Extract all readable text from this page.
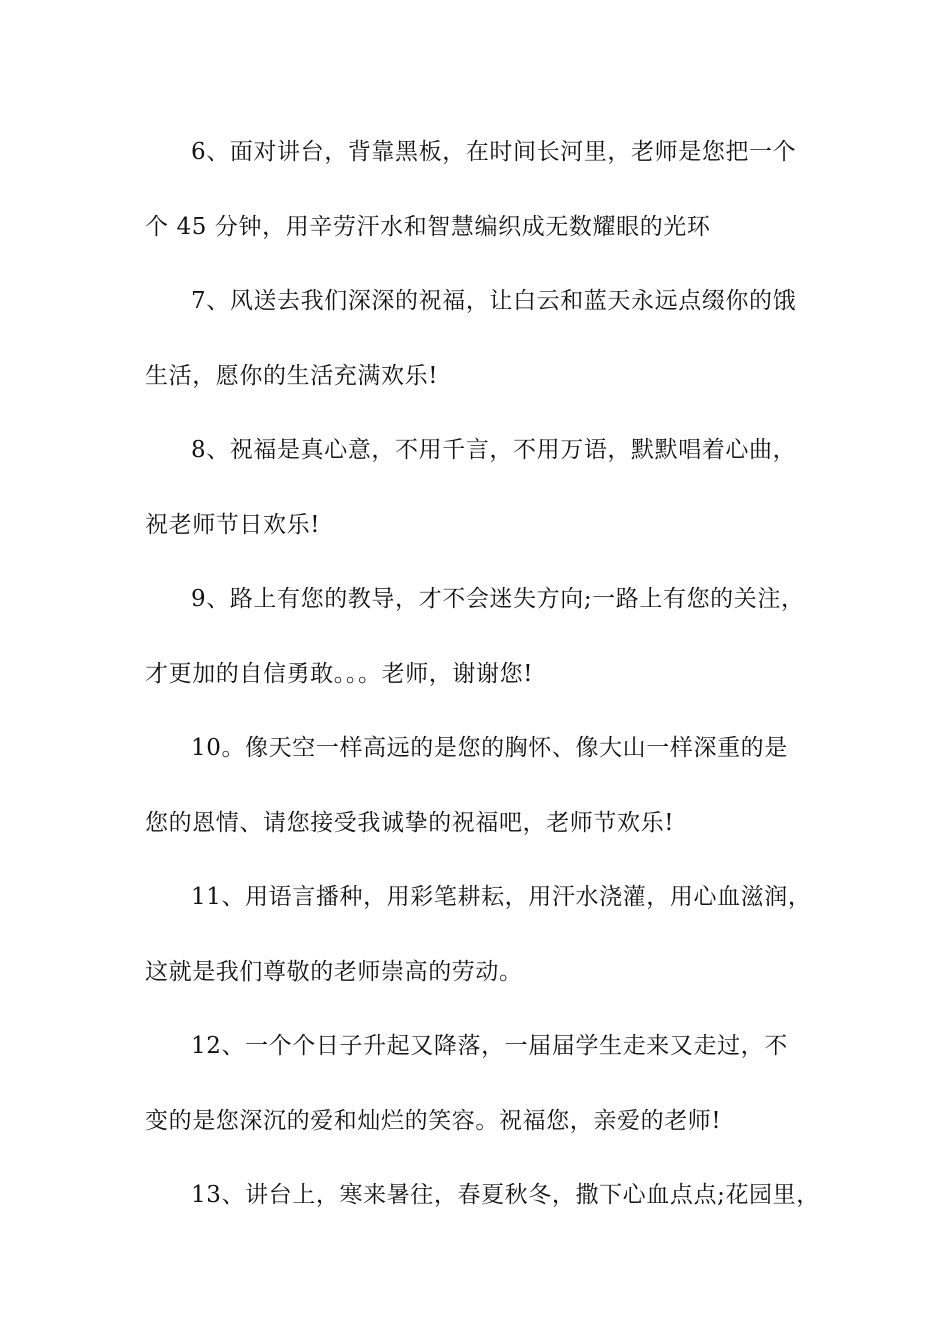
6、面对讲台，背靠黑板，在时间长河里，老师是您把一个
个 45 分钟，用辛劳汗水和智慧编织成无数耀眼的光环
7、风送去我们深深的祝福，让白云和蓝天永远点缀你的饿
生活，愿你的生活充满欢乐!
8、祝福是真心意，不用千言，不用万语，默默唱着心曲，
祝老师节日欢乐!
9、路上有您的教导，才不会迷失方向;一路上有您的关注，
才更加的自信勇敢。。。老师，谢谢您!
10。像天空一样高远的是您的胸怀、像大山一样深重的是
您的恩情、请您接受我诚挚的祝福吧，老师节欢乐!
11、用语言播种，用彩笔耕耘，用汗水浇灌，用心血滋润，
这就是我们尊敬的老师崇高的劳动。
12、一个个日子升起又降落，一届届学生走来又走过，不
变的是您深沉的爱和灿烂的笑容。祝福您，亲爱的老师!
13、讲台上，寒来暑往，春夏秋冬，撒下心血点点;花园里，
